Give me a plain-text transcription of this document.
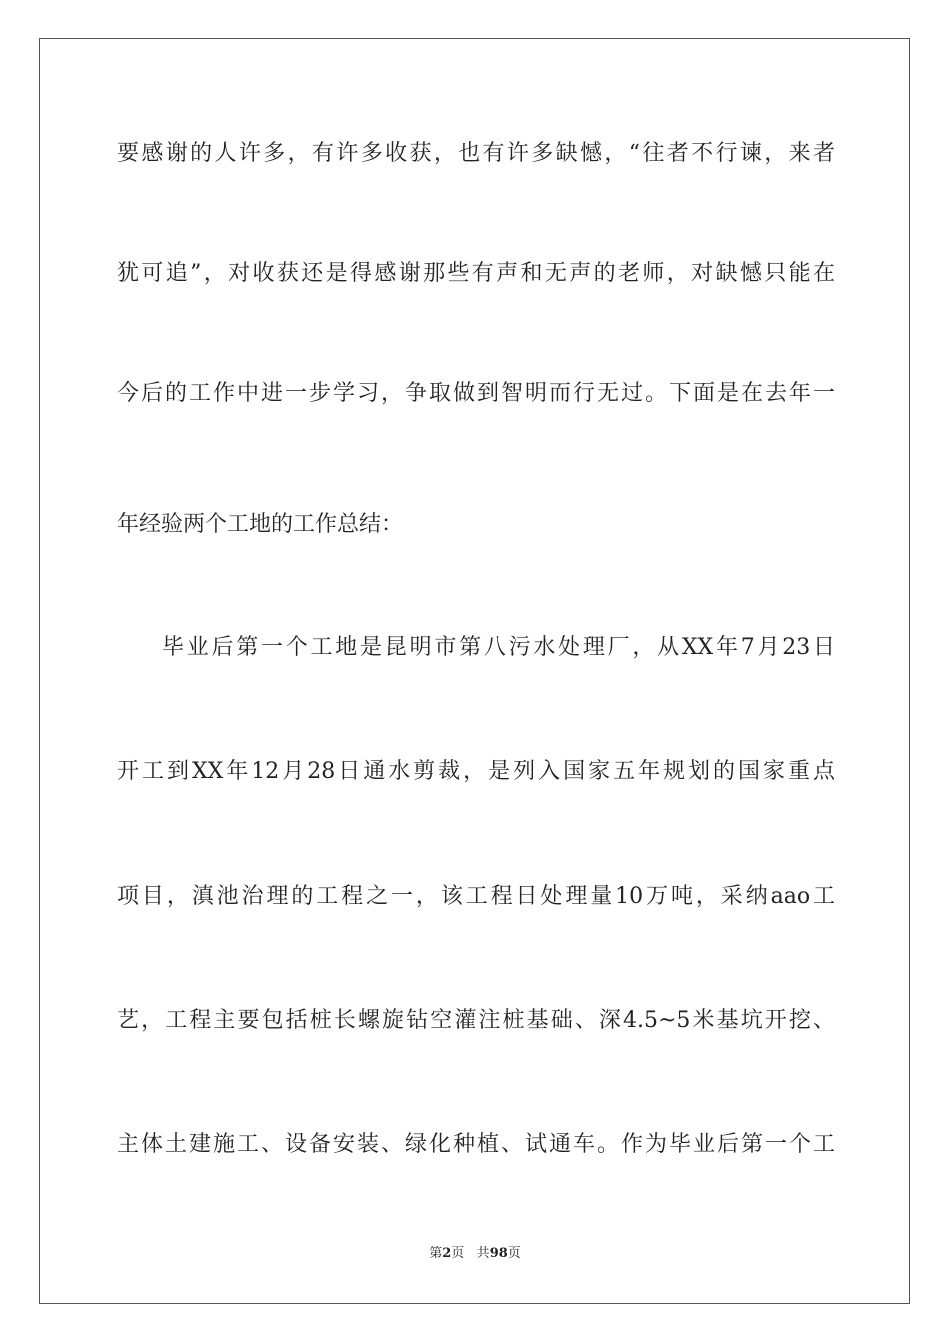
要感谢的人许多，有许多收获，也有许多缺憾，“往者不行谏，来者
犹可追”，对收获还是得感谢那些有声和无声的老师，对缺憾只能在
今后的工作中进一步学习，争取做到智明而行无过。下面是在去年一
年经验两个工地的工作总结：
毕业后第一个工地是昆明市第八污水处理厂，从XX年7月23日
开工到XX年12月28日通水剪裁，是列入国家五年规划的国家重点
项目，滇池治理的工程之一，该工程日处理量10万吨，采纳aao工
艺，工程主要包括桩长螺旋钻空灌注桩基础、深4.5~5米基坑开挖、
主体土建施工、设备安装、绿化种植、试通车。作为毕业后第一个工
第2页 共98页
